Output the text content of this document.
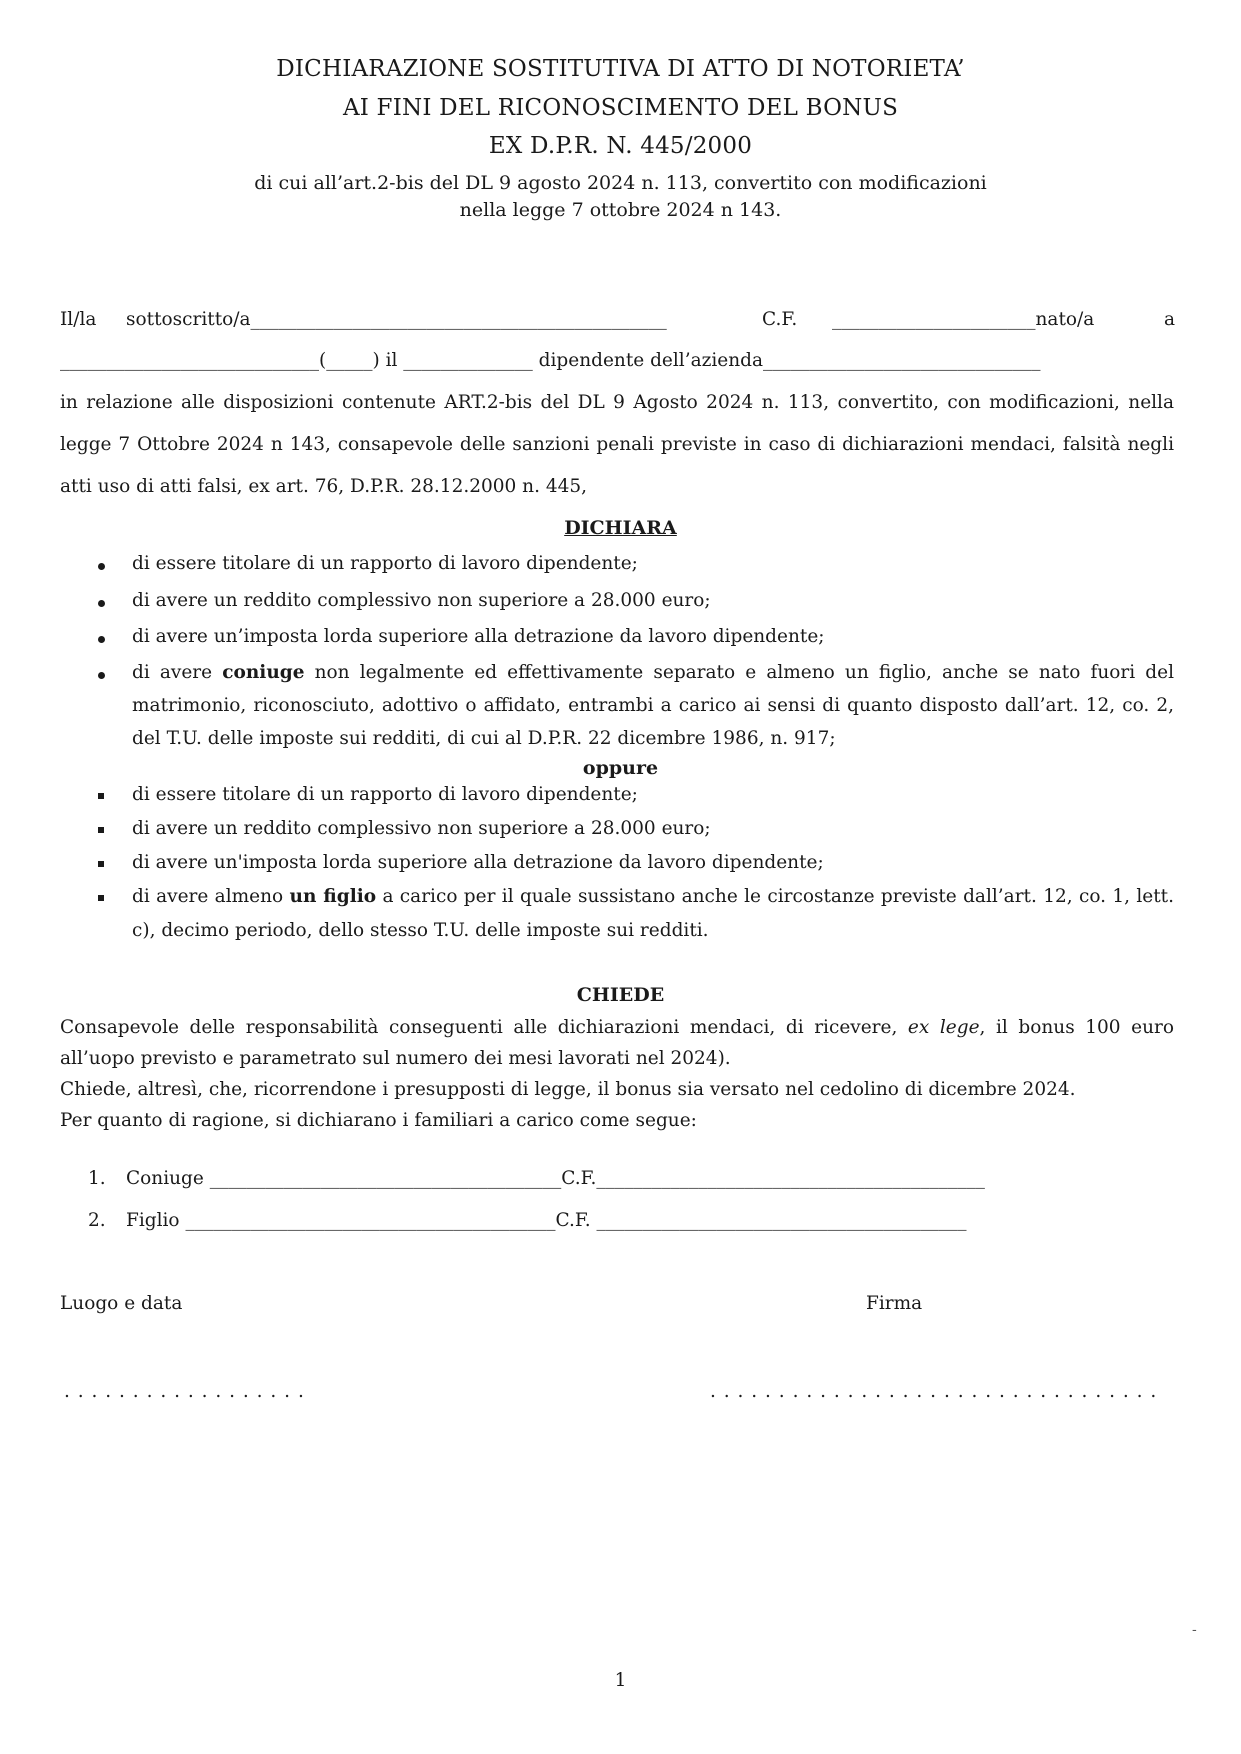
DICHIARAZIONE SOSTITUTIVA DI ATTO DI NOTORIETA’
AI FINI DEL RICONOSCIMENTO DEL BONUS
EX D.P.R. N. 445/2000
di cui all’art.2-bis del DL 9 agosto 2024 n. 113, convertito con modificazioni
nella legge 7 ottobre 2024 n 143.
Il/la sottoscritto/a_____________________________________________	C.F. ______________________nato/a	a
____________________________(_____) il ______________ dipendente dell’azienda______________________________
in relazione alle disposizioni contenute ART.2-bis del DL 9 Agosto 2024 n. 113, convertito, con modificazioni, nella
legge 7 Ottobre 2024 n 143, consapevole delle sanzioni penali previste in caso di dichiarazioni mendaci, falsità negli
atti uso di atti falsi, ex art. 76, D.P.R. 28.12.2000 n. 445,
DICHIARA
di essere titolare di un rapporto di lavoro dipendente;
di avere un reddito complessivo non superiore a 28.000 euro;
di avere un’imposta lorda superiore alla detrazione da lavoro dipendente;
di avere coniuge non legalmente ed effettivamente separato e almeno un figlio, anche se nato fuori del
matrimonio, riconosciuto, adottivo o affidato, entrambi a carico ai sensi di quanto disposto dall’art. 12, co. 2,
del T.U. delle imposte sui redditi, di cui al D.P.R. 22 dicembre 1986, n. 917;
oppure
di essere titolare di un rapporto di lavoro dipendente;
di avere un reddito complessivo non superiore a 28.000 euro;
di avere un'imposta lorda superiore alla detrazione da lavoro dipendente;
di avere almeno un figlio a carico per il quale sussistano anche le circostanze previste dall’art. 12, co. 1, lett.
c), decimo periodo, dello stesso T.U. delle imposte sui redditi.
CHIEDE
Consapevole delle responsabilità conseguenti alle dichiarazioni mendaci, di ricevere, ex lege, il bonus 100 euro
all’uopo previsto e parametrato sul numero dei mesi lavorati nel 2024).
Chiede, altresì, che, ricorrendone i presupposti di legge, il bonus sia versato nel cedolino di dicembre 2024.
Per quanto di ragione, si dichiarano i familiari a carico come segue:
1. Coniuge ______________________________________C.F.__________________________________________
2. Figlio ________________________________________C.F. ________________________________________
Luogo e data	Firma
. . . . . . . . . . . . . . . . . .	. . . . . . . . . . . . . . . . . . . . . . . . . . . . . . . . .
-
1
